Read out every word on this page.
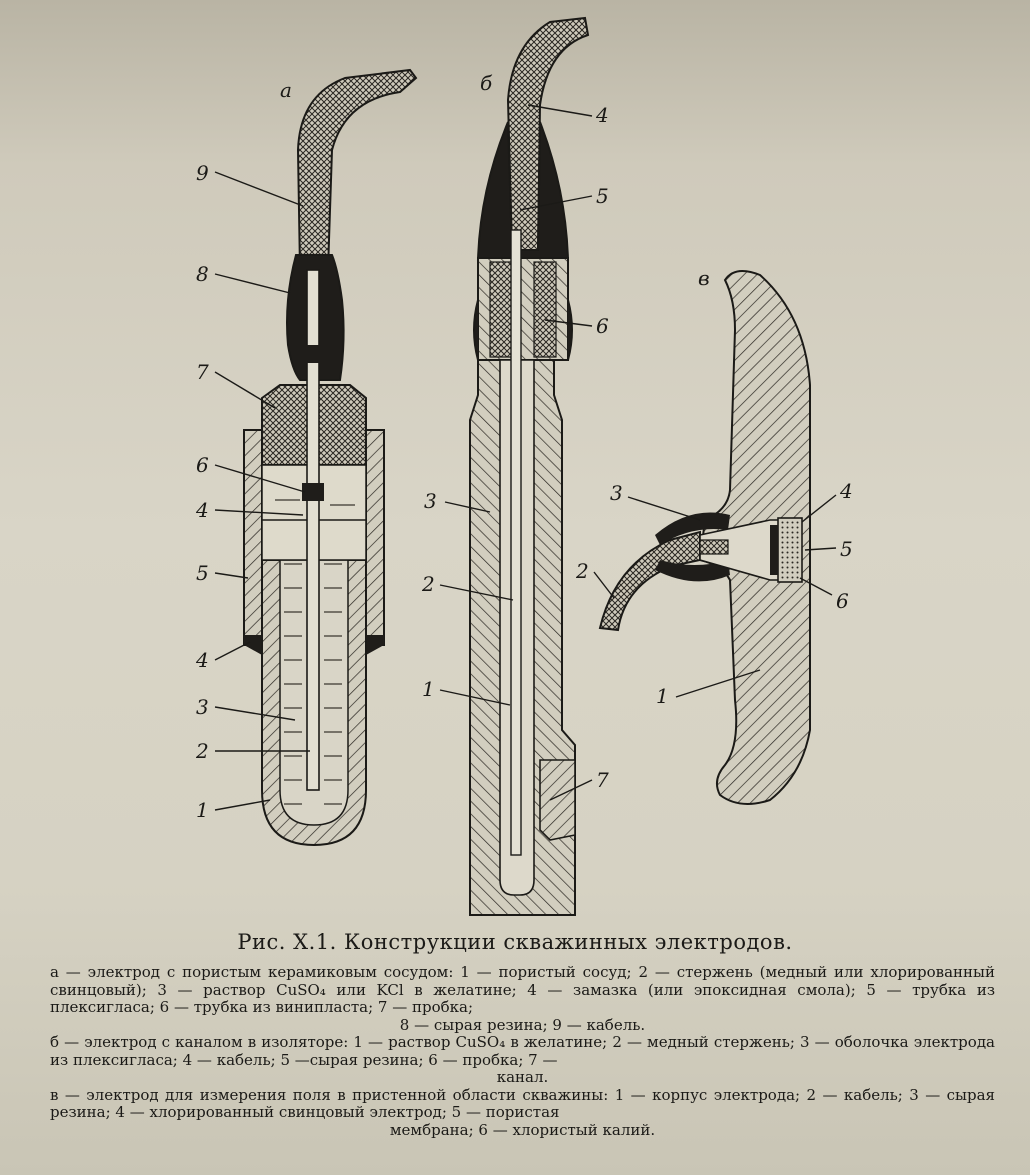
а
9
8
7
6
4
5
4
3
2
1
б
4
5
6
3
2
1
7
в
3
2
4
5
6
1
Рис. X.1. Конструкции скважинных электродов.

а — электрод с пористым керамиковым сосудом: 1 — пористый сосуд; 2 — стержень (медный или хлорированный свинцовый); 3 — раствор CuSO₄ или KCl в желатине; 4 — замазка (или эпоксидная смола); 5 — трубка из плексигласа; 6 — трубка из винипласта; 7 — пробка;

8 — сырая резина; 9 — кабель.

б — электрод с каналом в изоляторе: 1 — раствор CuSO₄ в желатине; 2 — медный стержень; 3 — оболочка электрода из плексигласа; 4 — кабель; 5 —сырая резина; 6 — пробка; 7 —

канал.

в — электрод для измерения поля в пристенной области скважины: 1 — корпус электрода; 2 — кабель; 3 — сырая резина; 4 — хлорированный свинцовый электрод; 5 — пористая

мембрана; 6 — хлористый калий.
